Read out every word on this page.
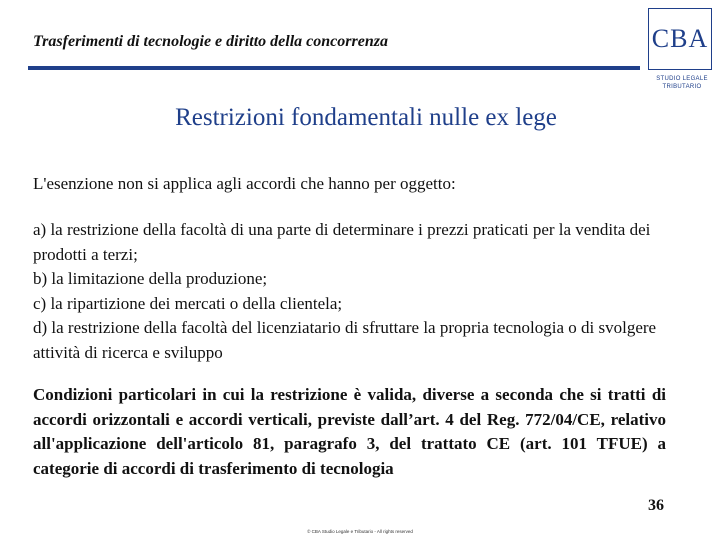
Trasferimenti di tecnologie e diritto della concorrenza	CBA
STUDIO LEGALE TRIBUTARIO
Restrizioni fondamentali nulle ex lege
L'esenzione non si applica agli accordi che hanno per oggetto:
a) la restrizione della facoltà di una parte di determinare i prezzi praticati per la vendita dei prodotti a terzi;
b) la limitazione della produzione;
c) la ripartizione dei mercati o della clientela;
d) la restrizione della facoltà del licenziatario di sfruttare la propria tecnologia o di svolgere attività di ricerca e sviluppo
Condizioni particolari in cui la restrizione è valida, diverse a seconda che si tratti di accordi orizzontali e accordi verticali, previste dall’art. 4 del Reg. 772/04/CE, relativo all'applicazione dell'articolo 81, paragrafo 3, del trattato CE (art. 101 TFUE) a categorie di accordi di trasferimento di tecnologia
36
© CBA Studio Legale e Tributario - All rights reserved
